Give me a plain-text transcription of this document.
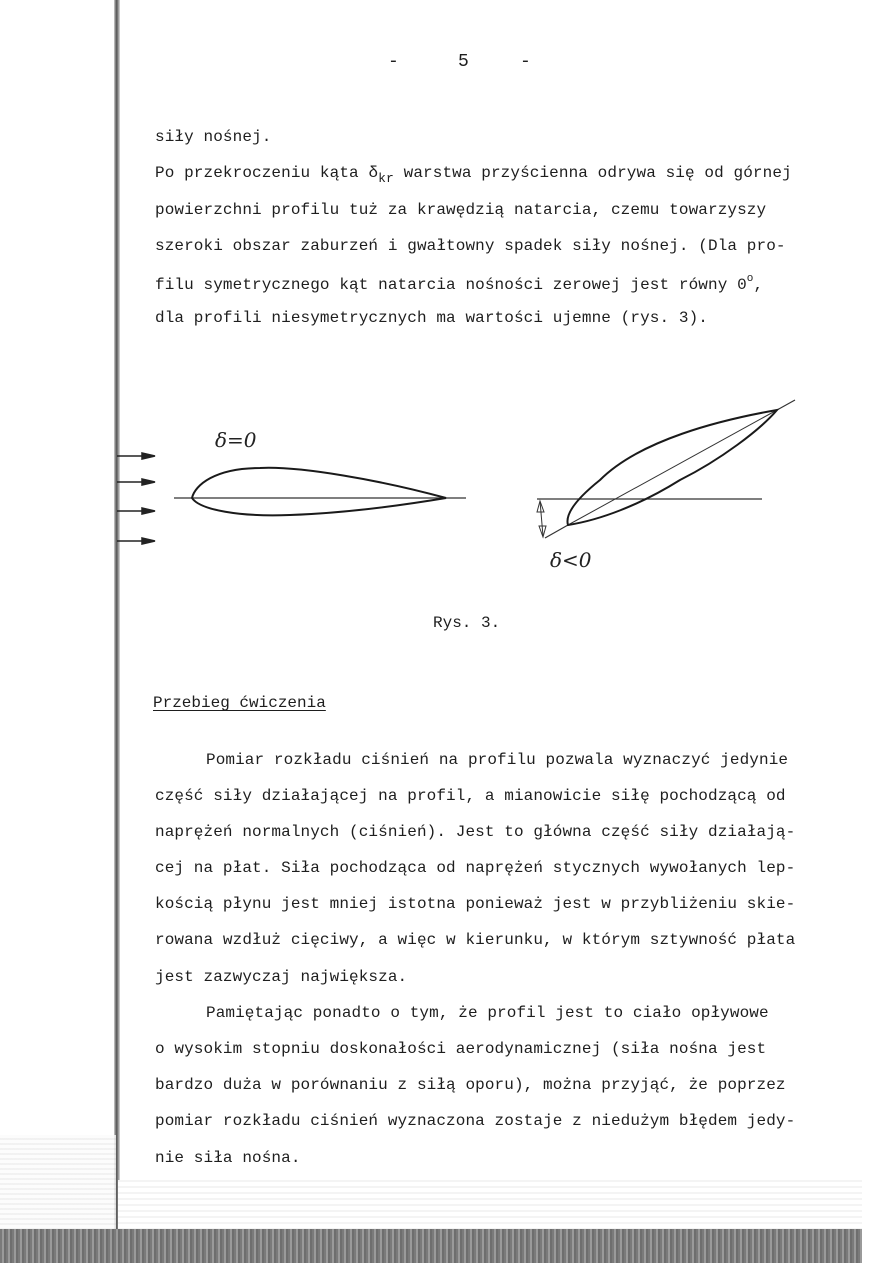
-	5	-
siły nośnej.
Po przekroczeniu kąta $\delta_{kr}$ warstwa przyścienna odrywa się od górnej
powierzchni profilu tuż za krawędzią natarcia, czemu towarzyszy
szeroki obszar zaburzeń i gwałtowny spadek siły nośnej. (Dla pro-
filu symetrycznego kąt natarcia nośności zerowej jest równy 0$^o$,
dla profili niesymetrycznych ma wartości ujemne (rys. 3).
δ=0
δ<0
Rys. 3.
Przebieg ćwiczenia
Pomiar rozkładu ciśnień na profilu pozwala wyznaczyć jedynie
część siły działającej na profil, a mianowicie siłę pochodzącą od
naprężeń normalnych (ciśnień). Jest to główna część siły działają-
cej na płat. Siła pochodząca od naprężeń stycznych wywołanych lep-
kością płynu jest mniej istotna ponieważ jest w przybliżeniu skie-
rowana wzdłuż cięciwy, a więc w kierunku, w którym sztywność płata
jest zazwyczaj największa.
Pamiętając ponadto o tym, że profil jest to ciało opływowe
o wysokim stopniu doskonałości aerodynamicznej (siła nośna jest
bardzo duża w porównaniu z siłą oporu), można przyjąć, że poprzez
pomiar rozkładu ciśnień wyznaczona zostaje z niedużym błędem jedy-
nie siła nośna.
